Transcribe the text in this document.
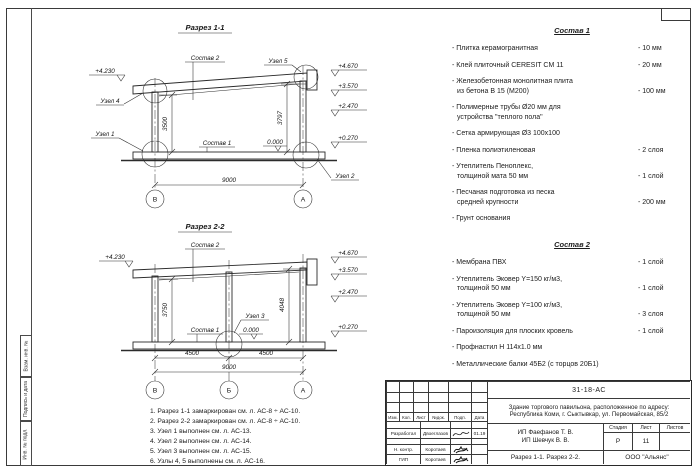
Взам. инв. №
Подпись и дата
Инв. № подл.
Разрез 1-1
3500	3797
Состав 2	Узел 5
Узел 4
Узел 1
Узел 2
Состав 1	0.000
+4.230
+4.670
+3.570
+2.470
+0.270
9000
В	А
Разрез 2-2
3750	4048
Состав 2
Узел 3
Состав 1	0.000
+4.230
+4.670
+3.570
+2.470
+0.270
4500	4500
9000
В	Б	А
Состав 1
- Плитка керамогранитная	- 10 мм
- Клей плиточный CERESIT CM 11	- 20 мм
- Железобетонная монолитная плита
из бетона В 15 (М200)	- 100 мм
- Полимерные трубы Ø20 мм для
устройства "теплого пола"
- Сетка армирующая Ø3 100х100
- Пленка полиэтиленовая	- 2 слоя
- Утеплитель Пеноплекс,
толщиной мата 50 мм	- 1 слой
- Песчаная подготовка из песка
средней крупности	- 200 мм
- Грунт основания
Состав 2
- Мембрана ПВХ	- 1 слой
- Утеплитель Эковер Y=150 кг/м3,
толщиной 50 мм	- 1 слой
- Утеплитель Эковер Y=100 кг/м3,
толщиной 50 мм	- 3 слоя
- Пароизоляция для плоских кровель	- 1 слой
- Профнастил Н 114х1.0 мм
- Металлические балки 45Б2 (с торцов 20Б1)
1. Разрез 1-1 замаркирован см. л. АС-8 ÷ АС-10.
2. Разрез 2-2 замаркирован см. л. АС-8 ÷ АС-10.
3. Узел 1 выполнен см. л. АС-13.
4. Узел 2 выполнен см. л. АС-14.
5. Узел 3 выполнен см. л. АС-15.
6. Узлы 4, 5 выполнены см. л. АС-16.
Изм.	Кол.	Лист	№док.	Подп.	Дата
Разработал	Двоеглазов	01.19
Н. контр.	Коротаев
ГИП	Коротаев
31-18-АС
Здание торгового павильона, расположенное по адресу:
Республика Коми, г. Сыктывкар, ул. Первомайская, 85/2
ИП Фаефанов Т. В.
ИП Шевчук В. В.
Стадия	Лист	Листов
Р	11
Разрез 1-1. Разрез 2-2.	ООО "Альянс"
